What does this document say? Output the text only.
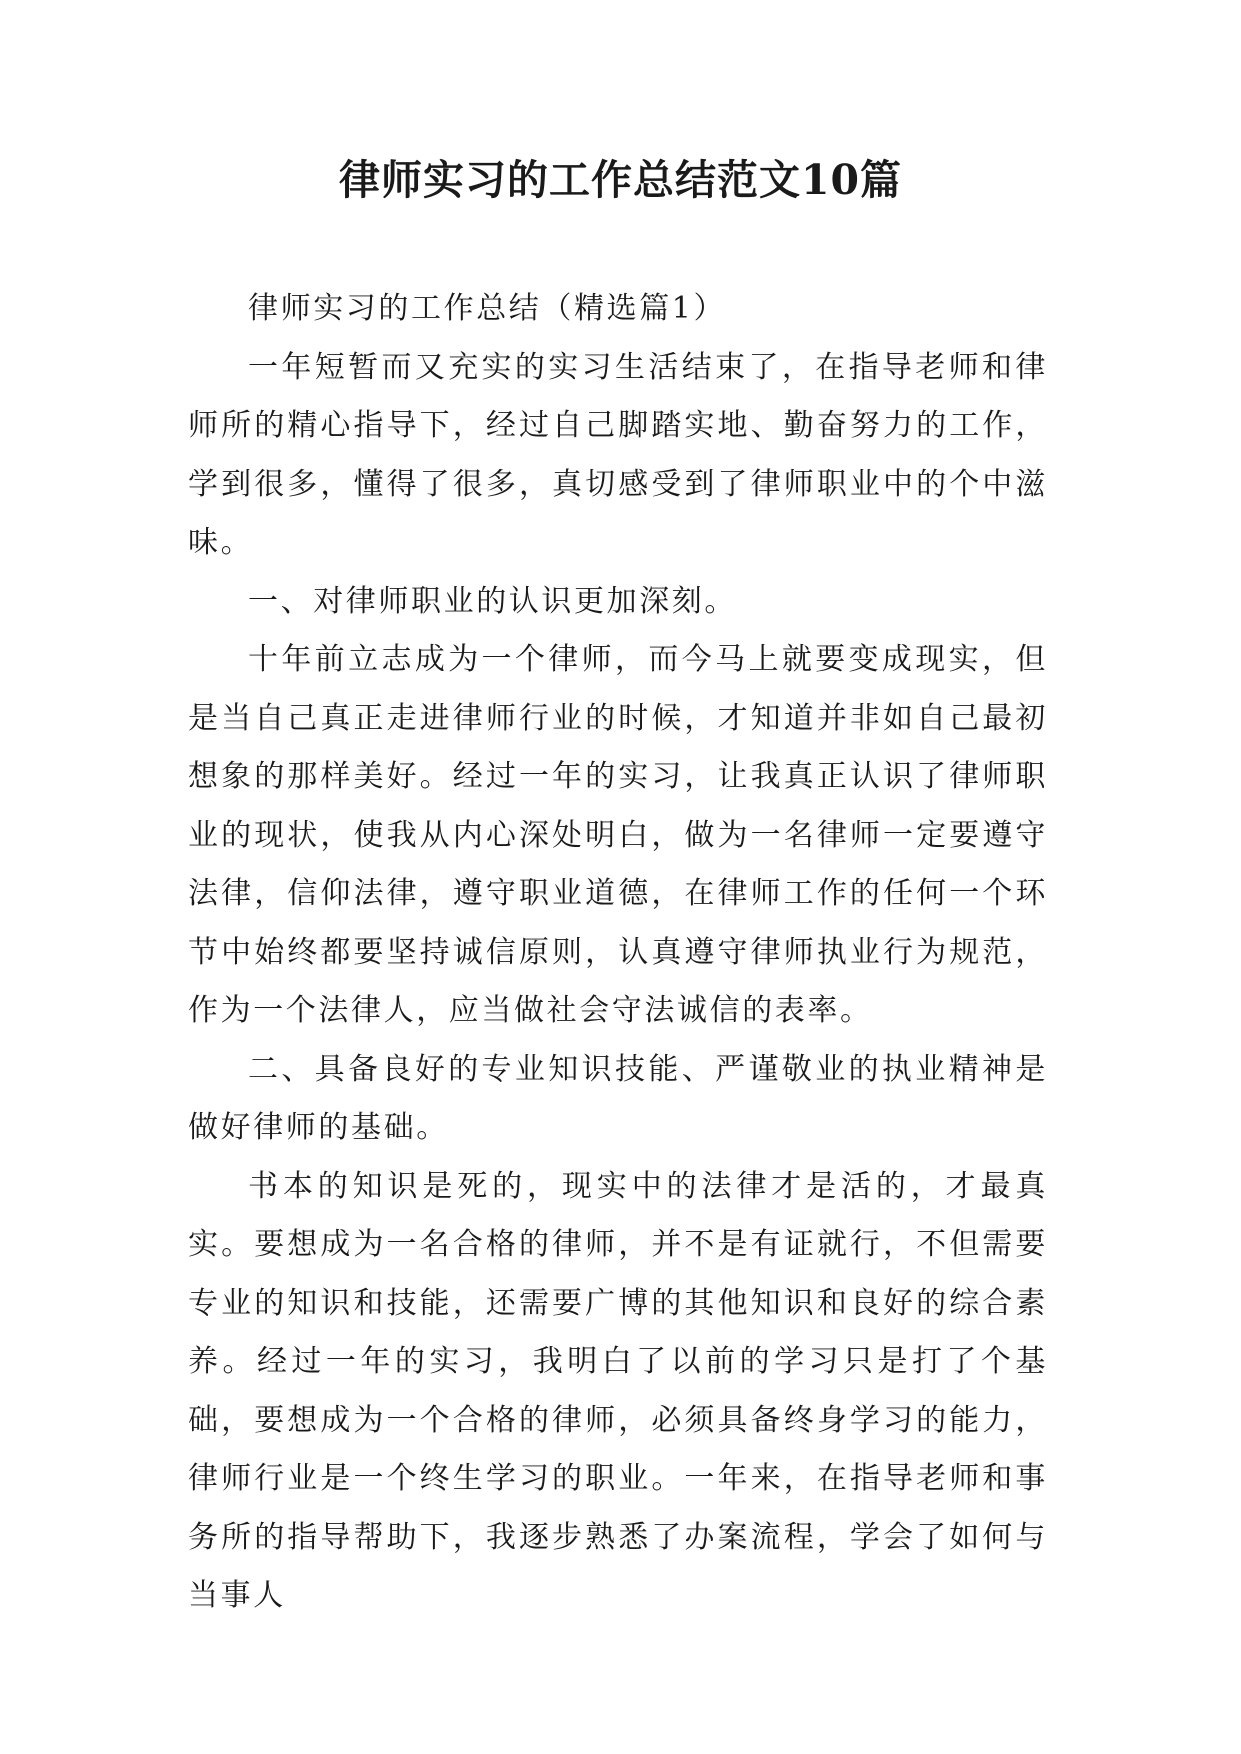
律师实习的工作总结范文10篇

律师实习的工作总结（精选篇1）

一年短暂而又充实的实习生活结束了，在指导老师和律师所的精心指导下，经过自己脚踏实地、勤奋努力的工作，学到很多，懂得了很多，真切感受到了律师职业中的个中滋味。

一、对律师职业的认识更加深刻。

十年前立志成为一个律师，而今马上就要变成现实，但是当自己真正走进律师行业的时候，才知道并非如自己最初想象的那样美好。经过一年的实习，让我真正认识了律师职业的现状，使我从内心深处明白，做为一名律师一定要遵守法律，信仰法律，遵守职业道德，在律师工作的任何一个环节中始终都要坚持诚信原则，认真遵守律师执业行为规范，作为一个法律人，应当做社会守法诚信的表率。

二、具备良好的专业知识技能、严谨敬业的执业精神是做好律师的基础。

书本的知识是死的，现实中的法律才是活的，才最真实。要想成为一名合格的律师，并不是有证就行，不但需要专业的知识和技能，还需要广博的其他知识和良好的综合素养。经过一年的实习，我明白了以前的学习只是打了个基础，要想成为一个合格的律师，必须具备终身学习的能力，律师行业是一个终生学习的职业。一年来，在指导老师和事务所的指导帮助下，我逐步熟悉了办案流程，学会了如何与当事人
